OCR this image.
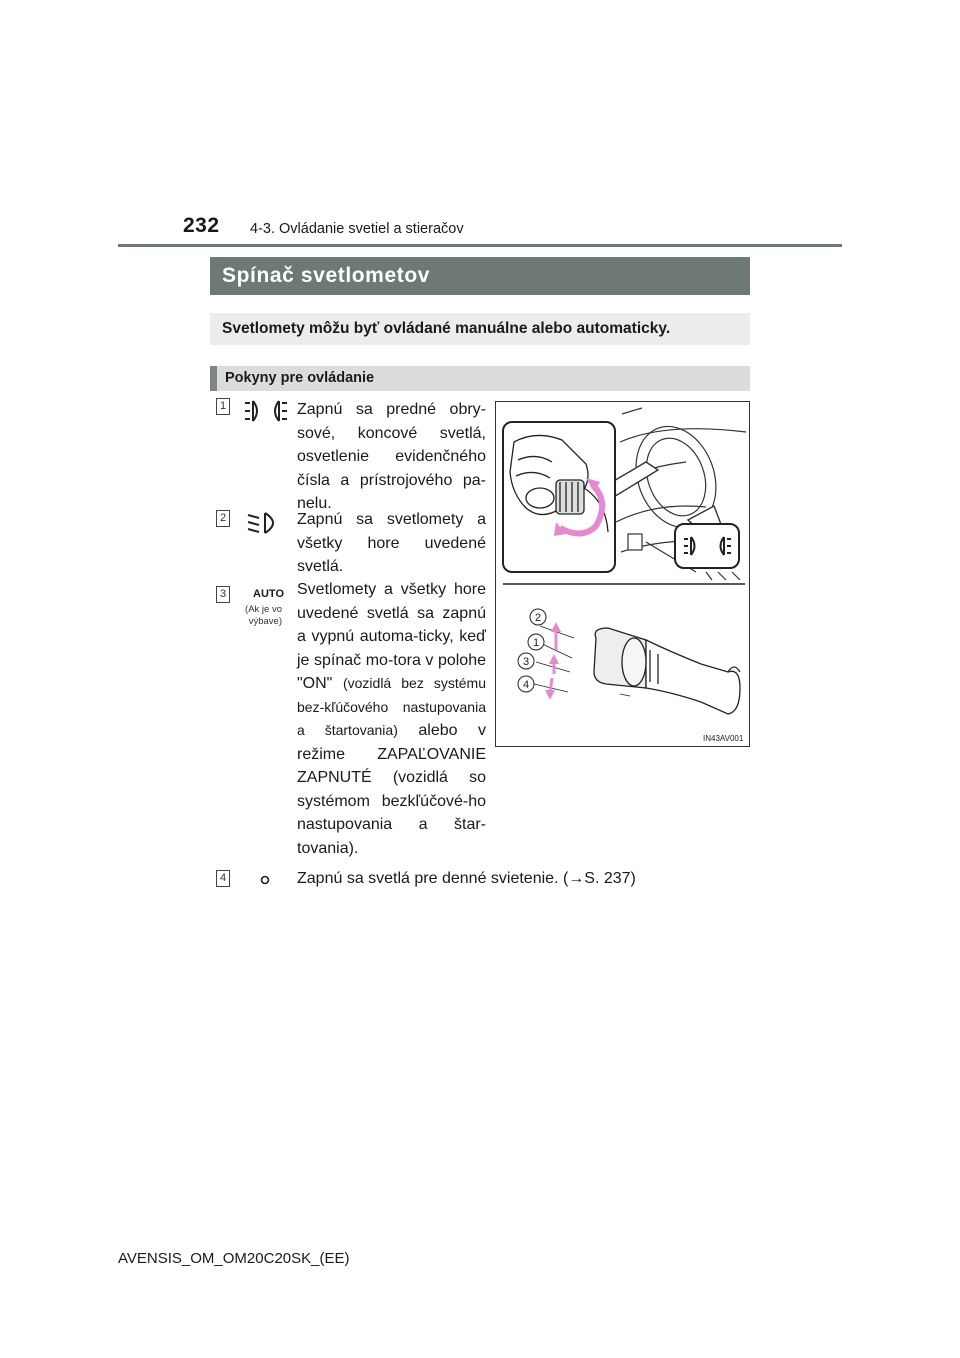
232 4-3. Ovládanie svetiel a stieračov
Spínač svetlometov
Svetlomety môžu byť ovládané manuálne alebo automaticky.
Pokyny pre ovládanie
1	Zapnú sa predné obry-sové, koncové svetlá, osvetlenie evidenčného čísla a prístrojového pa-nelu.
2	Zapnú sa svetlomety a všetky hore uvedené svetlá.
3	AUTO
(Ak je vo výbave)
Svetlomety a všetky hore uvedené svetlá sa zapnú a vypnú automa-ticky, keď je spínač mo-tora v polohe "ON" (vozidlá bez systému bez-kľúčového nastupovania a štartovania) alebo v režime ZAPAĽOVANIE ZAPNUTÉ (vozidlá so systémom bezkľúčové-ho nastupovania a štar-tovania).
4	Zapnú sa svetlá pre denné svietenie. (→S. 237)
2
1
3
4
IN43AV001
AVENSIS_OM_OM20C20SK_(EE)
